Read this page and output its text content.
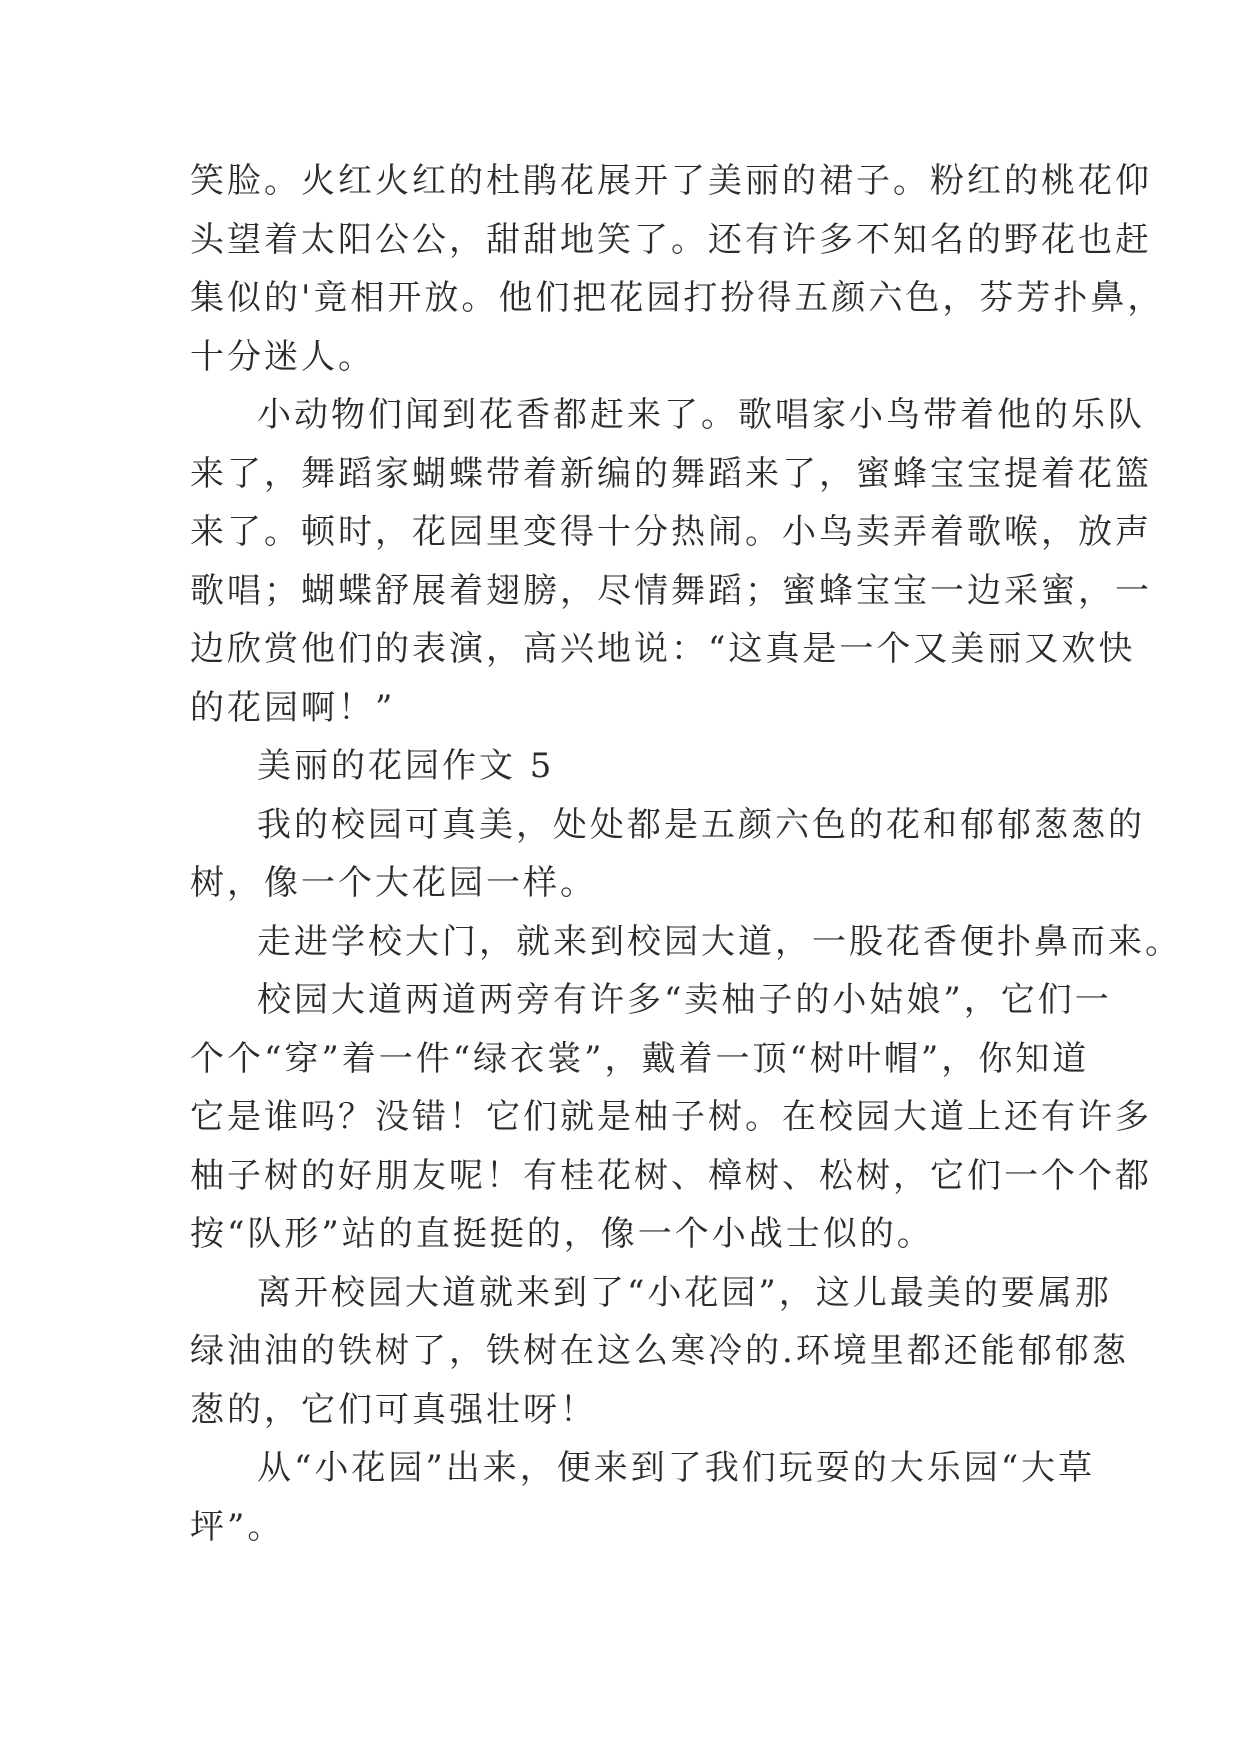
笑脸。火红火红的杜鹃花展开了美丽的裙子。粉红的桃花仰
头望着太阳公公，甜甜地笑了。还有许多不知名的野花也赶
集似的'竟相开放。他们把花园打扮得五颜六色，芬芳扑鼻，
十分迷人。
小动物们闻到花香都赶来了。歌唱家小鸟带着他的乐队
来了，舞蹈家蝴蝶带着新编的舞蹈来了，蜜蜂宝宝提着花篮
来了。顿时，花园里变得十分热闹。小鸟卖弄着歌喉，放声
歌唱；蝴蝶舒展着翅膀，尽情舞蹈；蜜蜂宝宝一边采蜜，一
边欣赏他们的表演，高兴地说：“这真是一个又美丽又欢快
的花园啊！”
美丽的花园作文 5
我的校园可真美，处处都是五颜六色的花和郁郁葱葱的
树，像一个大花园一样。
走进学校大门，就来到校园大道，一股花香便扑鼻而来。
校园大道两道两旁有许多“卖柚子的小姑娘”，它们一
个个“穿”着一件“绿衣裳”，戴着一顶“树叶帽”，你知道
它是谁吗？没错！它们就是柚子树。在校园大道上还有许多
柚子树的好朋友呢！有桂花树、樟树、松树，它们一个个都
按“队形”站的直挺挺的，像一个小战士似的。
离开校园大道就来到了“小花园”，这儿最美的要属那
绿油油的铁树了，铁树在这么寒冷的.环境里都还能郁郁葱
葱的，它们可真强壮呀！
从“小花园”出来，便来到了我们玩耍的大乐园“大草
坪”。
